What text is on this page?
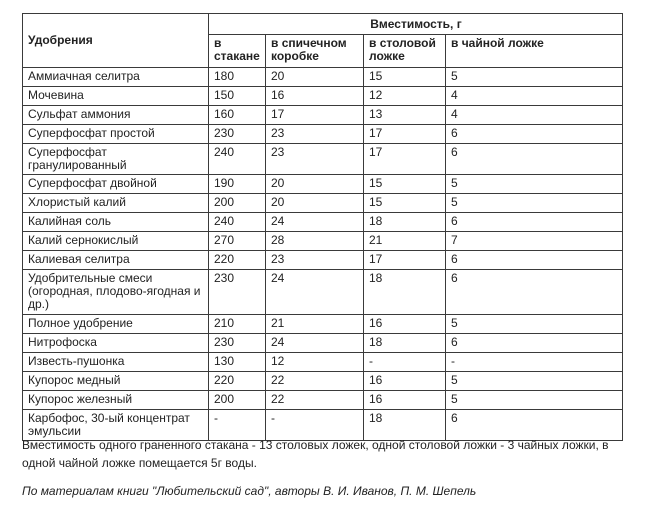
Удобрения	Вместимость, г			
	в стакане	в спичечном коробке	в столовой ложке	в чайной ложке
Аммиачная селитра	180	20	15	5
Мочевина	150	16	12	4
Сульфат аммония	160	17	13	4
Суперфосфат простой	230	23	17	6
Суперфосфат гранулированный	240	23	17	6
Суперфосфат двойной	190	20	15	5
Хлористый калий	200	20	15	5
Калийная соль	240	24	18	6
Калий сернокислый	270	28	21	7
Калиевая селитра	220	23	17	6
Удобрительные смеси (огородная, плодово-ягодная и др.)	230	24	18	6
Полное удобрение	210	21	16	5
Нитрофоска	230	24	18	6
Известь-пушонка	130	12	-	-
Купорос медный	220	22	16	5
Купорос железный	200	22	16	5
Карбофос, 30-ый концентрат эмульсии	-	-	18	6

Вместимость одного граненного стакана - 13 столовых ложек, одной столовой ложки - 3 чайных ложки, в одной чайной ложке помещается 5г воды.

По материалам книги "Любительский сад", авторы В. И. Иванов, П. М. Шепель
